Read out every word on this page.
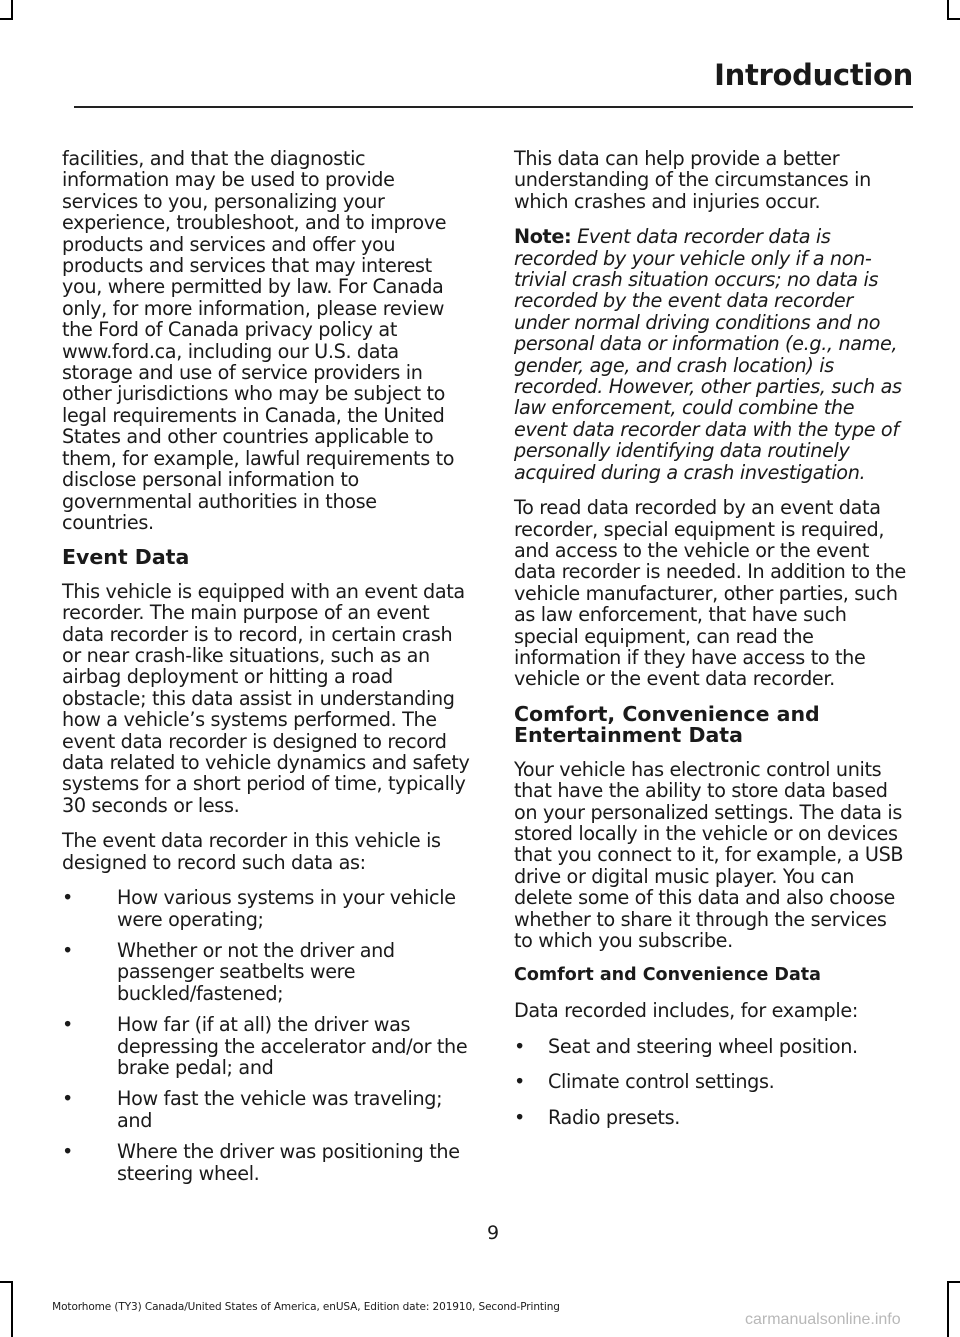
Introduction

facilities, and that the diagnostic information may be used to provide services to you, personalizing your experience, troubleshoot, and to improve products and services and offer you products and services that may interest you, where permitted by law. For Canada only, for more information, please review the Ford of Canada privacy policy at www.ford.ca, including our U.S. data storage and use of service providers in other jurisdictions who may be subject to legal requirements in Canada, the United States and other countries applicable to them, for example, lawful requirements to disclose personal information to governmental authorities in those countries.

Event Data

This vehicle is equipped with an event data recorder. The main purpose of an event data recorder is to record, in certain crash or near crash-like situations, such as an airbag deployment or hitting a road obstacle; this data assist in understanding how a vehicle’s systems performed. The event data recorder is designed to record data related to vehicle dynamics and safety systems for a short period of time, typically 30 seconds or less.

The event data recorder in this vehicle is designed to record such data as:

• How various systems in your vehicle were operating;
• Whether or not the driver and passenger seatbelts were buckled/fastened;
• How far (if at all) the driver was depressing the accelerator and/or the brake pedal; and
• How fast the vehicle was traveling; and
• Where the driver was positioning the steering wheel.

This data can help provide a better understanding of the circumstances in which crashes and injuries occur.

Note: Event data recorder data is recorded by your vehicle only if a non-trivial crash situation occurs; no data is recorded by the event data recorder under normal driving conditions and no personal data or information (e.g., name, gender, age, and crash location) is recorded. However, other parties, such as law enforcement, could combine the event data recorder data with the type of personally identifying data routinely acquired during a crash investigation.

To read data recorded by an event data recorder, special equipment is required, and access to the vehicle or the event data recorder is needed. In addition to the vehicle manufacturer, other parties, such as law enforcement, that have such special equipment, can read the information if they have access to the vehicle or the event data recorder.

Comfort, Convenience and Entertainment Data

Your vehicle has electronic control units that have the ability to store data based on your personalized settings. The data is stored locally in the vehicle or on devices that you connect to it, for example, a USB drive or digital music player. You can delete some of this data and also choose whether to share it through the services to which you subscribe.

Comfort and Convenience Data

Data recorded includes, for example:

• Seat and steering wheel position.
• Climate control settings.
• Radio presets.
9
Motorhome (TY3) Canada/United States of America, enUSA, Edition date: 201910, Second-Printing
carmanualsonline.info
